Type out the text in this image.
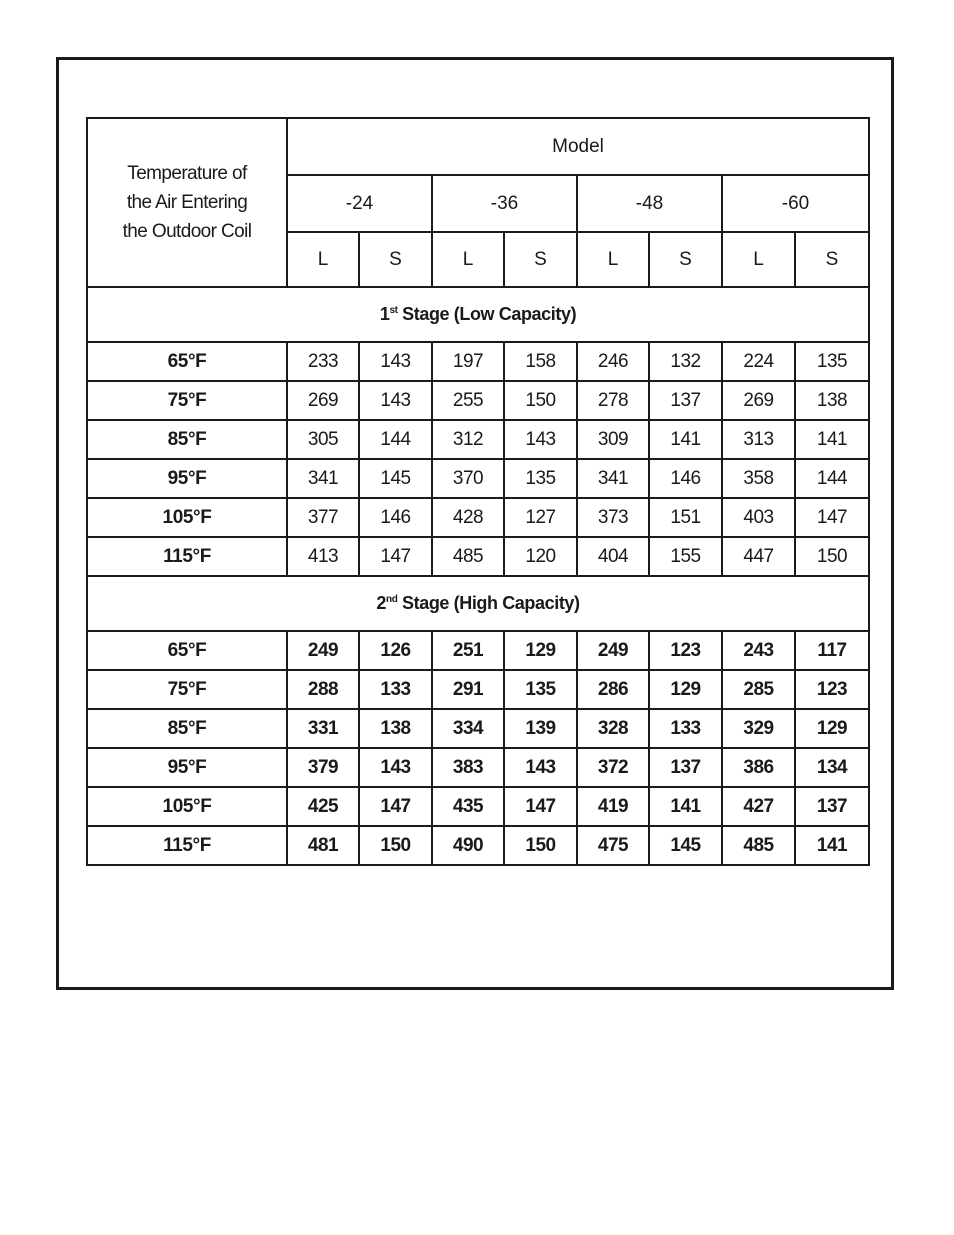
Temperature of
the Air Entering
the Outdoor Coil	Model							
	-24		-36		-48		-60	
	L	S	L	S	L	S	L	S
1st Stage (Low Capacity)								
65°F	233	143	197	158	246	132	224	135
75°F	269	143	255	150	278	137	269	138
85°F	305	144	312	143	309	141	313	141
95°F	341	145	370	135	341	146	358	144
105°F	377	146	428	127	373	151	403	147
115°F	413	147	485	120	404	155	447	150
2nd Stage (High Capacity)								
65°F	249	126	251	129	249	123	243	117
75°F	288	133	291	135	286	129	285	123
85°F	331	138	334	139	328	133	329	129
95°F	379	143	383	143	372	137	386	134
105°F	425	147	435	147	419	141	427	137
115°F	481	150	490	150	475	145	485	141
